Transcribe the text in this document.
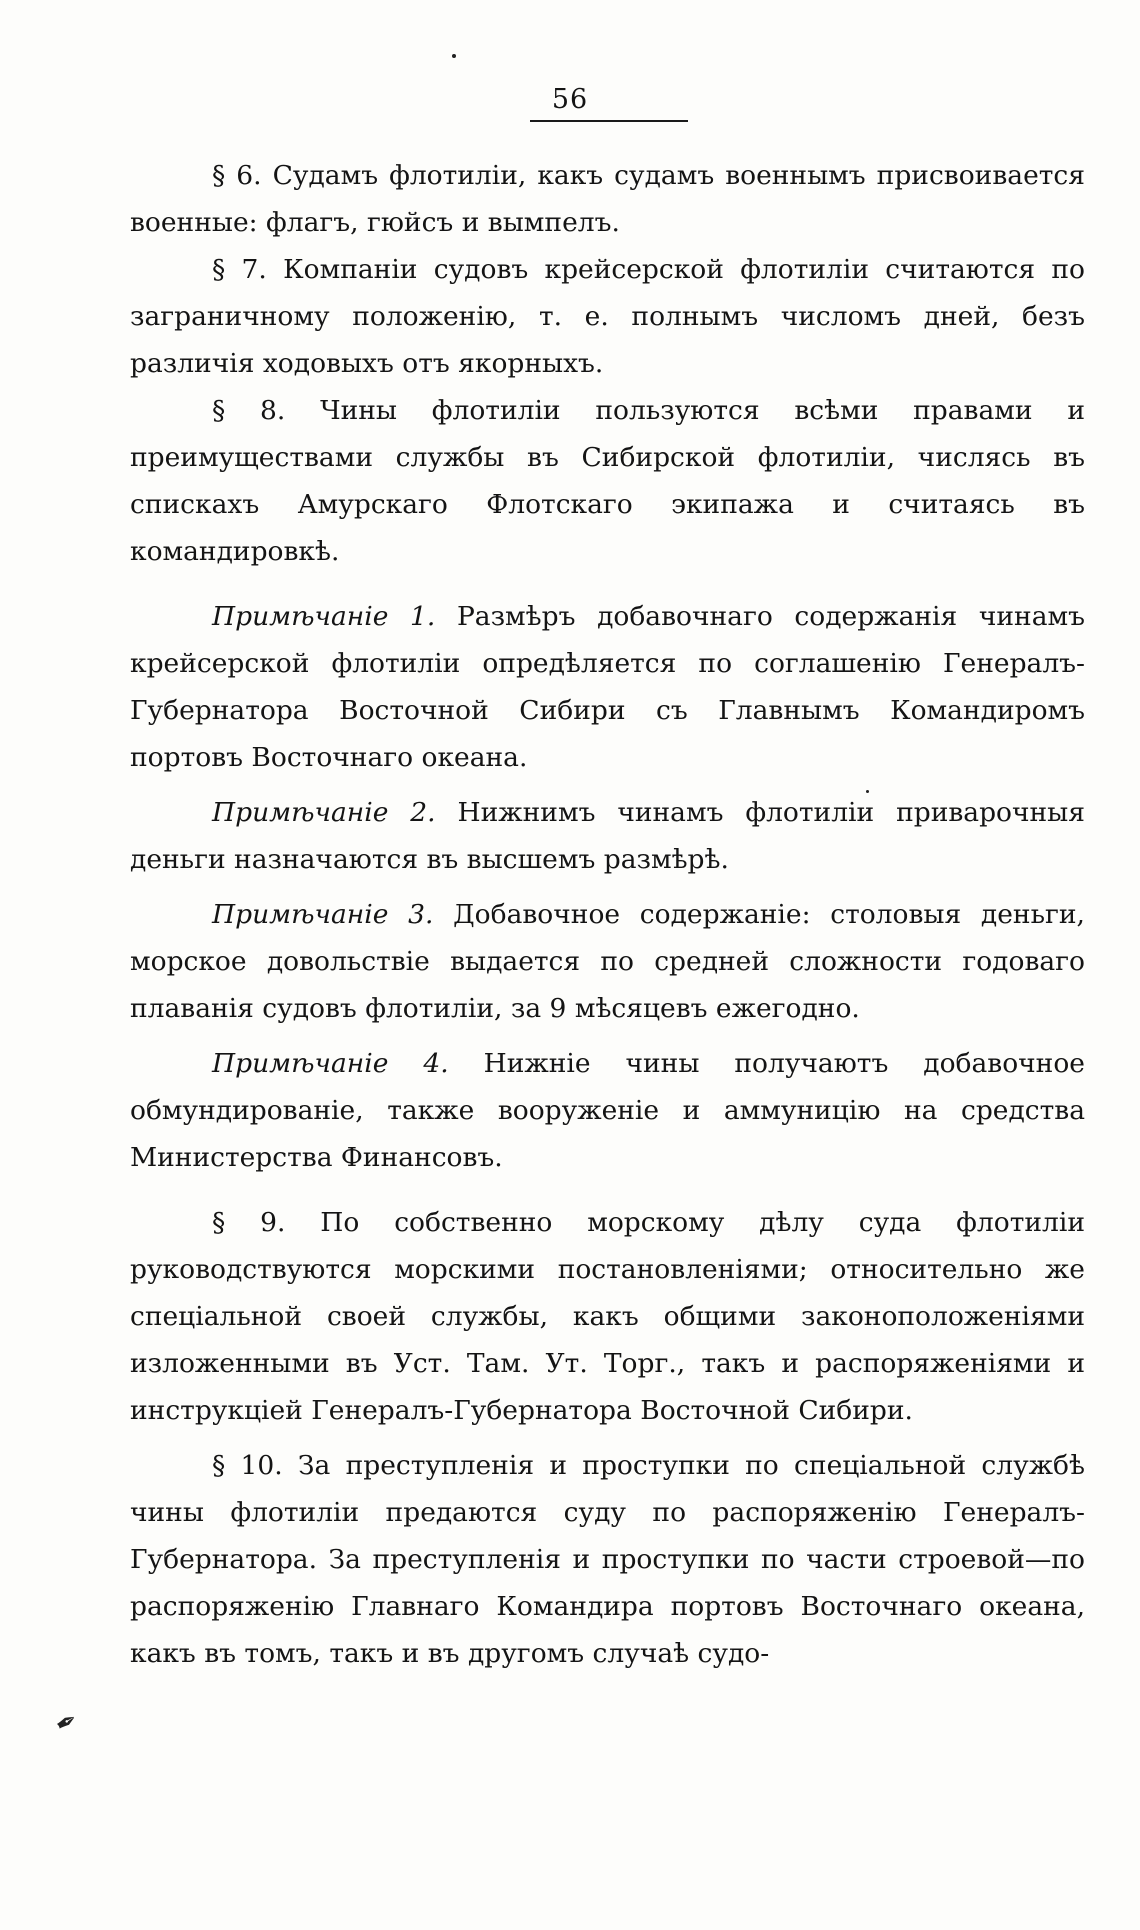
56

§ 6. Судамъ флотиліи, какъ судамъ военнымъ присвоивается военные: флагъ, гюйсъ и вымпелъ.

§ 7. Компаніи судовъ крейсерской флотиліи считаются по заграничному положенію, т. е. полнымъ числомъ дней, безъ различія ходовыхъ отъ якорныхъ.

§ 8. Чины флотиліи пользуются всѣми правами и преимуществами службы въ Сибирской флотиліи, числясь въ спискахъ Амурскаго Флотскаго экипажа и считаясь въ командировкѣ.

Примѣчаніе 1. Размѣръ добавочнаго содержанія чинамъ крейсерской флотиліи опредѣляется по соглашенію Генералъ-Губернатора Восточной Сибири съ Главнымъ Командиромъ портовъ Восточнаго океана.

Примѣчаніе 2. Нижнимъ чинамъ флотиліи приварочныя деньги назначаются въ высшемъ размѣрѣ.

Примѣчаніе 3. Добавочное содержаніе: столовыя деньги, морское довольствіе выдается по средней сложности годоваго плаванія судовъ флотиліи, за 9 мѣсяцевъ ежегодно.

Примѣчаніе 4. Нижніе чины получаютъ добавочное обмундированіе, также вооруженіе и аммуницію на средства Министерства Финансовъ.

§ 9. По собственно морскому дѣлу суда флотиліи руководствуются морскими постановленіями; относительно же спеціальной своей службы, какъ общими законоположеніями изложенными въ Уст. Там. Ут. Торг., такъ и распоряженіями и инструкціей Генералъ-Губернатора Восточной Сибири.

§ 10. За преступленія и проступки по спеціальной службѣ чины флотиліи предаются суду по распоряженію Генералъ-Губернатора. За преступленія и проступки по части строевой—по распоряженію Главнаго Командира портовъ Восточнаго океана, какъ въ томъ, такъ и въ другомъ случаѣ судо-

✒
